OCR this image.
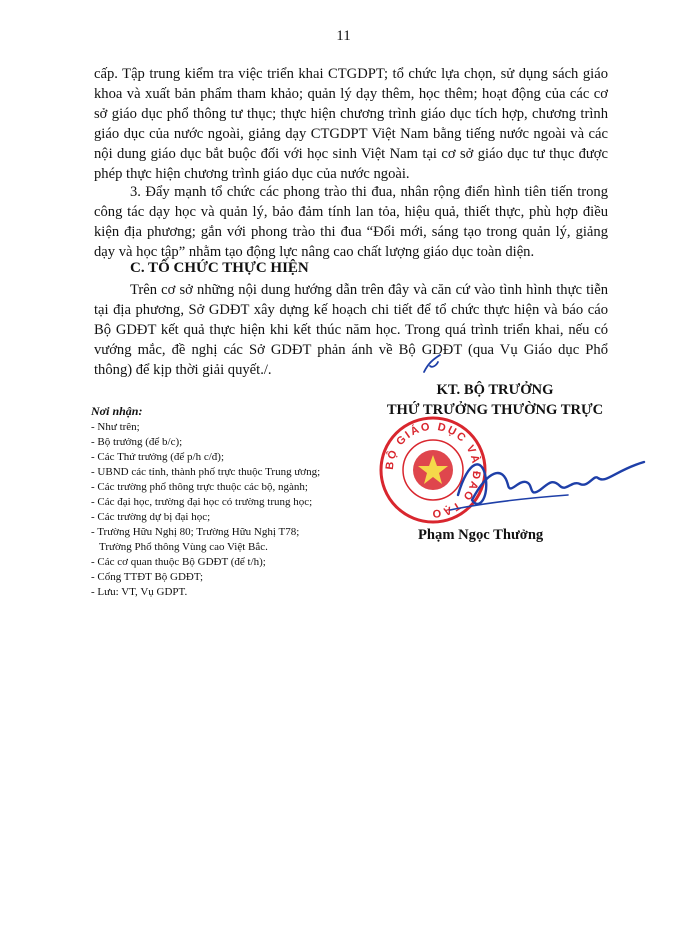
11
cấp. Tập trung kiểm tra việc triển khai CTGDPT; tổ chức lựa chọn, sử dụng sách giáo khoa và xuất bản phẩm tham khảo; quản lý dạy thêm, học thêm; hoạt động của các cơ sở giáo dục phổ thông tư thục; thực hiện chương trình giáo dục tích hợp, chương trình giáo dục của nước ngoài, giảng dạy CTGDPT Việt Nam bằng tiếng nước ngoài và các nội dung giáo dục bắt buộc đối với học sinh Việt Nam tại cơ sở giáo dục tư thục được phép thực hiện chương trình giáo dục của nước ngoài.
3. Đẩy mạnh tổ chức các phong trào thi đua, nhân rộng điển hình tiên tiến trong công tác dạy học và quản lý, bảo đảm tính lan tỏa, hiệu quả, thiết thực, phù hợp điều kiện địa phương; gắn với phong trào thi đua “Đổi mới, sáng tạo trong quản lý, giảng dạy và học tập” nhằm tạo động lực nâng cao chất lượng giáo dục toàn diện.
C. TỔ CHỨC THỰC HIỆN
Trên cơ sở những nội dung hướng dẫn trên đây và căn cứ vào tình hình thực tiễn tại địa phương, Sở GDĐT xây dựng kế hoạch chi tiết để tổ chức thực hiện và báo cáo Bộ GDĐT kết quả thực hiện khi kết thúc năm học. Trong quá trình triển khai, nếu có vướng mắc, đề nghị các Sở GDĐT phản ánh về Bộ GDĐT (qua Vụ Giáo dục Phổ thông) để kịp thời giải quyết./.
KT. BỘ TRƯỞNG
THỨ TRƯỞNG THƯỜNG TRỰC
Nơi nhận:
- Như trên;
- Bộ trưởng (để b/c);
- Các Thứ trưởng (để p/h c/đ);
- UBND các tỉnh, thành phố trực thuộc Trung ương;
- Các trường phổ thông trực thuộc các bộ, ngành;
- Các đại học, trường đại học có trường trung học;
- Các trường dự bị đại học;
- Trường Hữu Nghị 80; Trường Hữu Nghị T78;
Trường Phổ thông Vùng cao Việt Bắc.
- Các cơ quan thuộc Bộ GDĐT (để t/h);
- Cổng TTĐT Bộ GDĐT;
- Lưu: VT, Vụ GDPT.
BỘ GIÁO DỤC VÀ ĐÀO TẠO
Phạm Ngọc Thưởng
